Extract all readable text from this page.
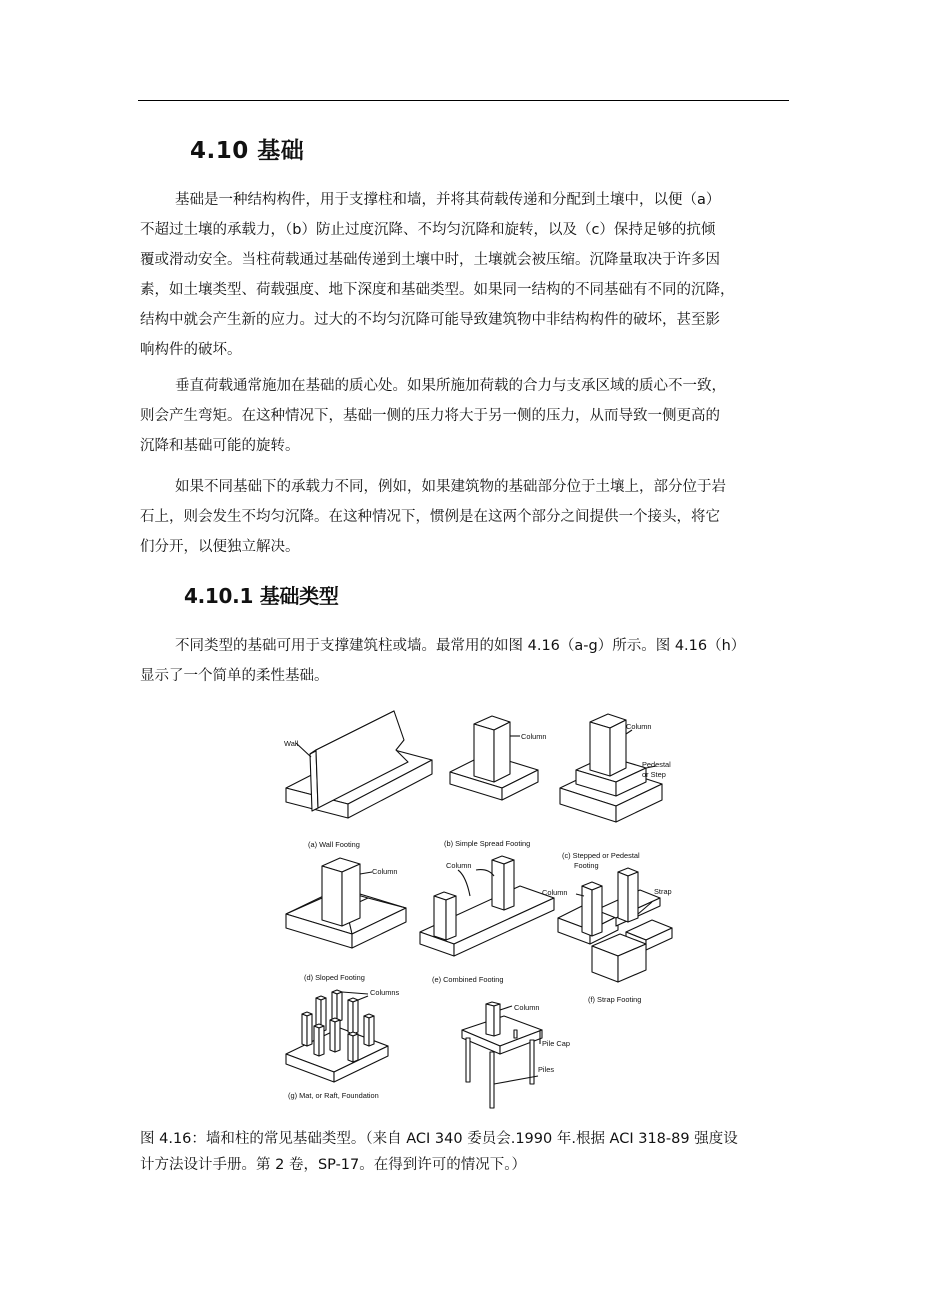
4.10 基础
基础是一种结构构件，用于支撑柱和墙，并将其荷载传递和分配到土壤中，以便（a）
不超过土壤的承载力，（b）防止过度沉降、不均匀沉降和旋转，以及（c）保持足够的抗倾
覆或滑动安全。当柱荷载通过基础传递到土壤中时，土壤就会被压缩。沉降量取决于许多因
素，如土壤类型、荷载强度、地下深度和基础类型。如果同一结构的不同基础有不同的沉降，
结构中就会产生新的应力。过大的不均匀沉降可能导致建筑物中非结构构件的破坏，甚至影
响构件的破坏。
垂直荷载通常施加在基础的质心处。如果所施加荷载的合力与支承区域的质心不一致，
则会产生弯矩。在这种情况下，基础一侧的压力将大于另一侧的压力，从而导致一侧更高的
沉降和基础可能的旋转。
如果不同基础下的承载力不同，例如，如果建筑物的基础部分位于土壤上，部分位于岩
石上，则会发生不均匀沉降。在这种情况下，惯例是在这两个部分之间提供一个接头，将它
们分开，以便独立解决。
4.10.1 基础类型
不同类型的基础可用于支撑建筑柱或墙。最常用的如图 4.16（a-g）所示。图 4.16（h）
显示了一个简单的柔性基础。
Wall
Column
Column
Pedestal
or Step
Column
Column
Column	Strap
Columns
Column
Pile Cap
Piles
(a) Wall Footing	(b) Simple Spread Footing
(c) Stepped or Pedestal
Footing
(d) Sloped Footing	(e) Combined Footing
(f) Strap Footing
(g) Mat, or Raft, Foundation
图 4.16：墙和柱的常见基础类型。（来自 ACI 340 委员会.1990 年.根据 ACI 318-89 强度设
计方法设计手册。第 2 卷，SP-17。在得到许可的情况下。）
